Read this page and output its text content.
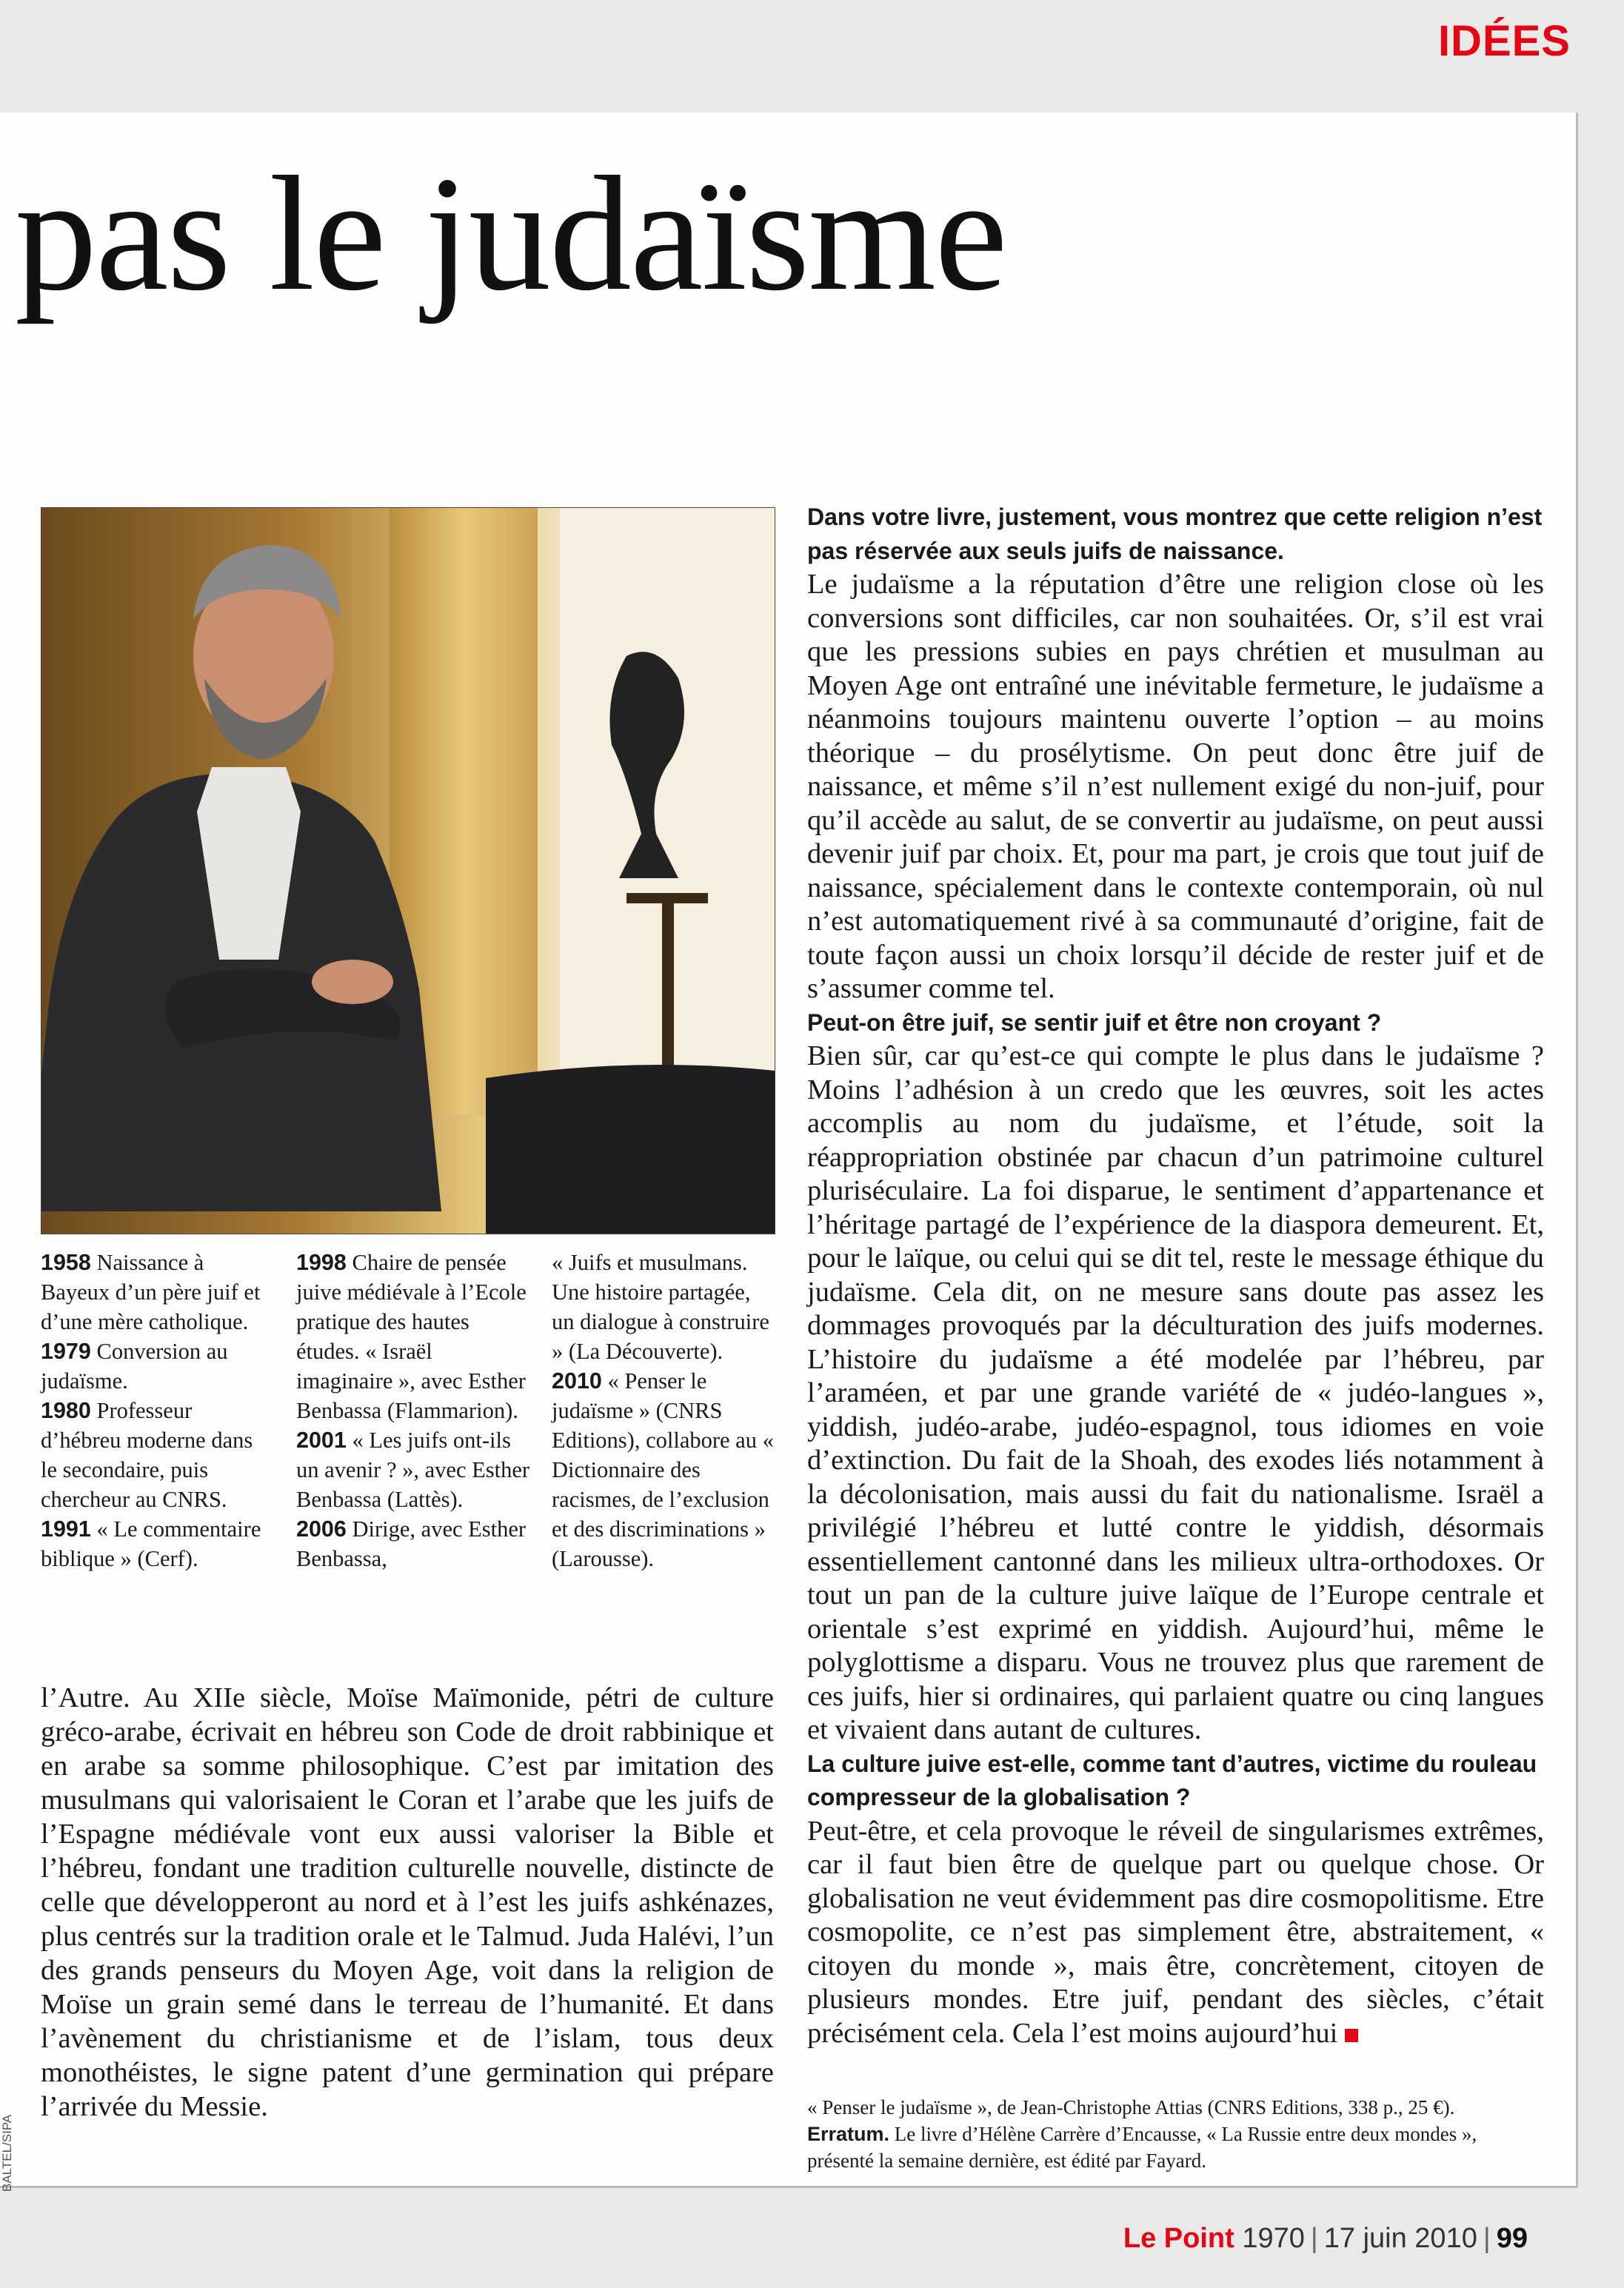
IDÉES
pas le judaïsme

1958 Naissance à Bayeux d’un père juif et d’une mère catholique.

1979 Conversion au judaïsme.

1980 Professeur d’hébreu moderne dans le secondaire, puis chercheur au CNRS.

1991 « Le commentaire biblique » (Cerf).

1998 Chaire de pensée juive médiévale à l’Ecole pratique des hautes études. « Israël imaginaire », avec Esther Benbassa (Flammarion).

2001 « Les juifs ont-ils un avenir ? », avec Esther Benbassa (Lattès).

2006 Dirige, avec Esther Benbassa,

« Juifs et musulmans. Une histoire partagée, un dialogue à construire » (La Découverte).

2010 « Penser le judaïsme » (CNRS Editions), collabore au « Dictionnaire des racismes, de l’exclusion et des discriminations » (Larousse).

l’Autre. Au XIIe siècle, Moïse Maïmonide, pétri de culture gréco-arabe, écrivait en hébreu son Code de droit rabbinique et en arabe sa somme philosophique. C’est par imitation des musulmans qui valorisaient le Coran et l’arabe que les juifs de l’Espagne médiévale vont eux aussi valoriser la Bible et l’hébreu, fondant une tradition culturelle nouvelle, distincte de celle que développeront au nord et à l’est les juifs ashkénazes, plus centrés sur la tradition orale et le Talmud. Juda Halévi, l’un des grands penseurs du Moyen Age, voit dans la religion de Moïse un grain semé dans le terreau de l’humanité. Et dans l’avènement du christianisme et de l’islam, tous deux monothéistes, le signe patent d’une germination qui prépare l’arrivée du Messie.

Dans votre livre, justement, vous montrez que cette religion n’est pas réservée aux seuls juifs de naissance.

Le judaïsme a la réputation d’être une religion close où les conversions sont difficiles, car non souhaitées. Or, s’il est vrai que les pressions subies en pays chrétien et musulman au Moyen Age ont entraîné une inévitable fermeture, le judaïsme a néanmoins toujours maintenu ouverte l’option – au moins théorique – du prosélytisme. On peut donc être juif de naissance, et même s’il n’est nullement exigé du non-juif, pour qu’il accède au salut, de se convertir au judaïsme, on peut aussi devenir juif par choix. Et, pour ma part, je crois que tout juif de naissance, spécialement dans le contexte contemporain, où nul n’est automatiquement rivé à sa communauté d’origine, fait de toute façon aussi un choix lorsqu’il décide de rester juif et de s’assumer comme tel.

Peut-on être juif, se sentir juif et être non croyant ?

Bien sûr, car qu’est-ce qui compte le plus dans le judaïsme ? Moins l’adhésion à un credo que les œuvres, soit les actes accomplis au nom du judaïsme, et l’étude, soit la réappropriation obstinée par chacun d’un patrimoine culturel pluriséculaire. La foi disparue, le sentiment d’appartenance et l’héritage partagé de l’expérience de la diaspora demeurent. Et, pour le laïque, ou celui qui se dit tel, reste le message éthique du judaïsme. Cela dit, on ne mesure sans doute pas assez les dommages provoqués par la déculturation des juifs modernes. L’histoire du judaïsme a été modelée par l’hébreu, par l’araméen, et par une grande variété de « judéo-langues », yiddish, judéo-arabe, judéo-espagnol, tous idiomes en voie d’extinction. Du fait de la Shoah, des exodes liés notamment à la décolonisation, mais aussi du fait du nationalisme. Israël a privilégié l’hébreu et lutté contre le yiddish, désormais essentiellement cantonné dans les milieux ultra-orthodoxes. Or tout un pan de la culture juive laïque de l’Europe centrale et orientale s’est exprimé en yiddish. Aujourd’hui, même le polyglottisme a disparu. Vous ne trouvez plus que rarement de ces juifs, hier si ordinaires, qui parlaient quatre ou cinq langues et vivaient dans autant de cultures.

La culture juive est-elle, comme tant d’autres, victime du rouleau compresseur de la globalisation ?

Peut-être, et cela provoque le réveil de singularismes extrêmes, car il faut bien être de quelque part ou quelque chose. Or globalisation ne veut évidemment pas dire cosmopolitisme. Etre cosmopolite, ce n’est pas simplement être, abstraitement, « citoyen du monde », mais être, concrètement, citoyen de plusieurs mondes. Etre juif, pendant des siècles, c’était précisément cela. Cela l’est moins aujourd’hui

« Penser le judaïsme », de Jean-Christophe Attias (CNRS Editions, 338 p., 25 €).

Erratum. Le livre d’Hélène Carrère d’Encausse, « La Russie entre deux mondes », présenté la semaine dernière, est édité par Fayard.

BALTEL/SIPA
Le Point 1970 | 17 juin 2010 | 99
